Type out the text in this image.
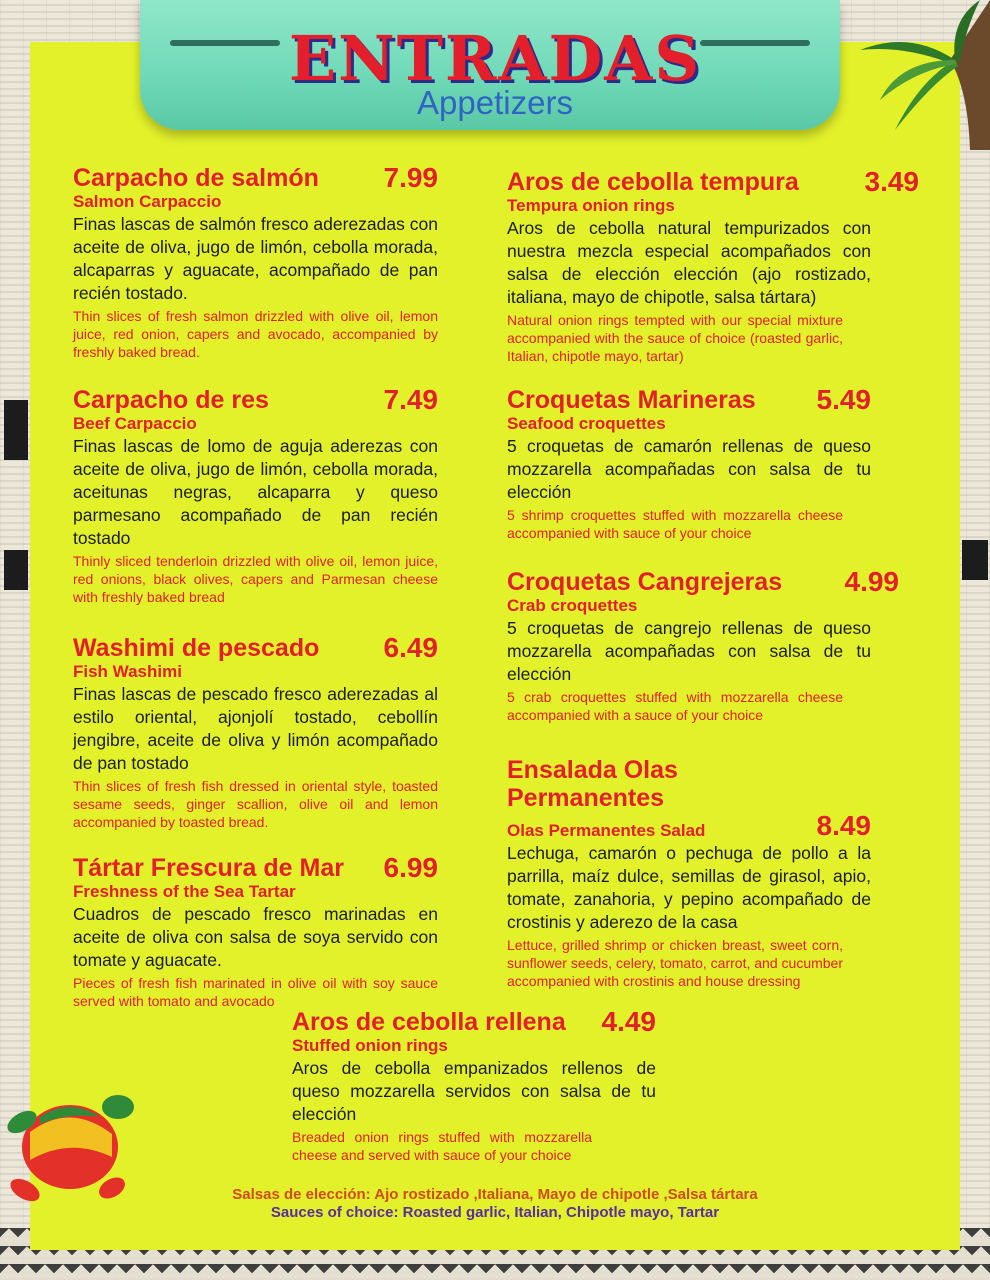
ENTRADAS
Appetizers
Carpacho de salmón 7.99
Salmon Carpaccio
Finas lascas de salmón fresco aderezadas con aceite de oliva, jugo de limón, cebolla morada, alcaparras y aguacate, acompañado de pan recién tostado.
Thin slices of fresh salmon drizzled with olive oil, lemon juice, red onion, capers and avocado, accompanied by freshly baked bread.
Carpacho de res	7.49
Beef Carpaccio
Finas lascas de lomo de aguja aderezas con aceite de oliva, jugo de limón, cebolla morada, aceitunas negras, alcaparra y queso parmesano acompañado de pan recién tostado
Thinly sliced tenderloin drizzled with olive oil, lemon juice, red onions, black olives, capers and Parmesan cheese with freshly baked bread
Washimi de pescado 6.49
Fish Washimi
Finas lascas de pescado fresco aderezadas al estilo oriental, ajonjolí tostado, cebollín jengibre, aceite de oliva y limón acompañado de pan tostado
Thin slices of fresh fish dressed in oriental style, toasted sesame seeds, ginger scallion, olive oil and lemon accompanied by toasted bread.
Tártar Frescura de Mar 6.99
Freshness of the Sea Tartar
Cuadros de pescado fresco marinadas en aceite de oliva con salsa de soya servido con tomate y aguacate.
Pieces of fresh fish marinated in olive oil with soy sauce served with tomato and avocado
Aros de cebolla tempura 3.49
Tempura onion rings
Aros de cebolla natural tempurizados con nuestra mezcla especial acompañados con salsa de elección elección (ajo rostizado, italiana, mayo de chipotle, salsa tártara)
Natural onion rings tempted with our special mixture accompanied with the sauce of choice (roasted garlic, Italian, chipotle mayo, tartar)
Croquetas Marineras 5.49
Seafood croquettes
5 croquetas de camarón rellenas de queso mozzarella acompañadas con salsa de tu elección
5 shrimp croquettes stuffed with mozzarella cheese accompanied with sauce of your choice
Croquetas Cangrejeras 4.99
Crab croquettes
5 croquetas de cangrejo rellenas de queso mozzarella acompañadas con salsa de tu elección
5 crab croquettes stuffed with mozzarella cheese accompanied with a sauce of your choice
Ensalada Olas
Permanentes
Olas Permanentes Salad	8.49
Lechuga, camarón o pechuga de pollo a la parrilla, maíz dulce, semillas de girasol, apio, tomate, zanahoria, y pepino acompañado de crostinis y aderezo de la casa
Lettuce, grilled shrimp or chicken breast, sweet corn, sunflower seeds, celery, tomato, carrot, and cucumber accompanied with crostinis and house dressing
Aros de cebolla rellena 4.49
Stuffed onion rings
Aros de cebolla empanizados rellenos de queso mozzarella servidos con salsa de tu elección
Breaded onion rings stuffed with mozzarella cheese and served with sauce of your choice
Salsas de elección: Ajo rostizado ,Italiana, Mayo de chipotle ,Salsa tártara
Sauces of choice: Roasted garlic, Italian, Chipotle mayo, Tartar
